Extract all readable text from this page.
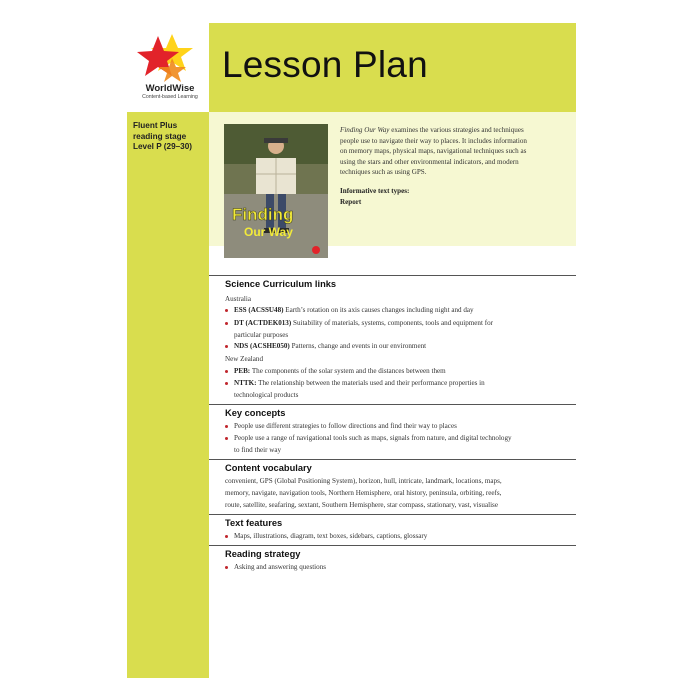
Lesson Plan
WorldWise
Content-based Learning
Fluent Plus
reading stage
Level P (29–30)
Finding
Our Way
Finding Our Way examines the various strategies and techniques
people use to navigate their way to places. It includes information
on memory maps, physical maps, navigational techniques such as
using the stars and other environmental indicators, and modern
techniques such as using GPS.
Informative text types:
Report
Science Curriculum links
Australia
ESS (ACSSU48) Earth’s rotation on its axis causes changes including night and day
DT (ACTDEK013) Suitability of materials, systems, components, tools and equipment for
particular purposes
NDS (ACSHE050) Patterns, change and events in our environment
New Zealand
PEB: The components of the solar system and the distances between them
NTTK: The relationship between the materials used and their performance properties in
technological products
Key concepts
People use different strategies to follow directions and find their way to places
People use a range of navigational tools such as maps, signals from nature, and digital technology
to find their way
Content vocabulary
convenient, GPS (Global Positioning System), horizon, hull, intricate, landmark, locations, maps,
memory, navigate, navigation tools, Northern Hemisphere, oral history, peninsula, orbiting, reefs,
route, satellite, seafaring, sextant, Southern Hemisphere, star compass, stationary, vast, visualise
Text features
Maps, illustrations, diagram, text boxes, sidebars, captions, glossary
Reading strategy
Asking and answering questions
